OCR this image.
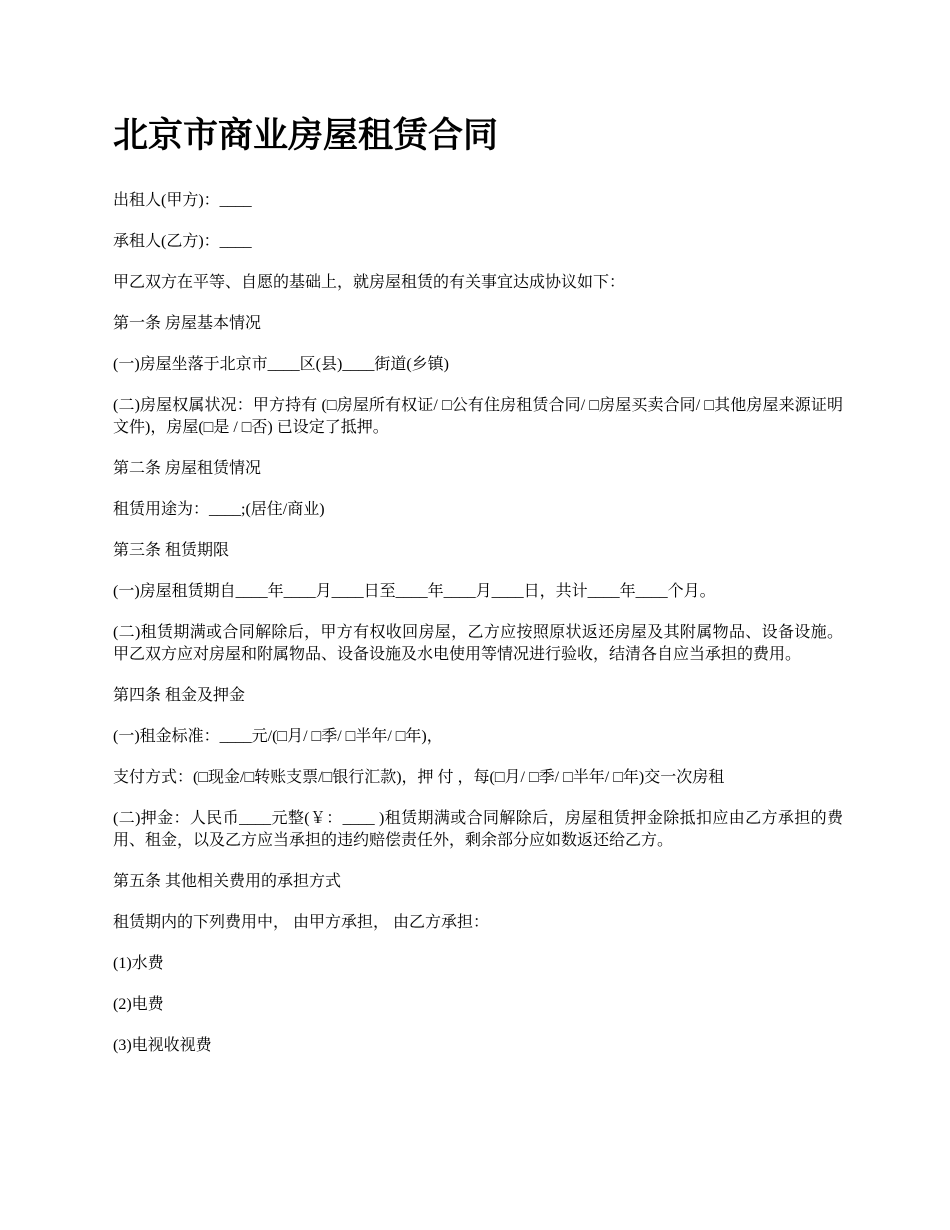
北京市商业房屋租赁合同

出租人(甲方)：____

承租人(乙方)：____

甲乙双方在平等、自愿的基础上，就房屋租赁的有关事宜达成协议如下：

第一条 房屋基本情况

(一)房屋坐落于北京市____区(县)____街道(乡镇)

(二)房屋权属状况：甲方持有 (□房屋所有权证/ □公有住房租赁合同/ □房屋买卖合同/ □其他房屋来源证明文件)，房屋(□是 / □否) 已设定了抵押。

第二条 房屋租赁情况

租赁用途为：____;(居住/商业)

第三条 租赁期限

(一)房屋租赁期自____年____月____日至____年____月____日，共计____年____个月。

(二)租赁期满或合同解除后，甲方有权收回房屋，乙方应按照原状返还房屋及其附属物品、设备设施。甲乙双方应对房屋和附属物品、设备设施及水电使用等情况进行验收，结清各自应当承担的费用。

第四条 租金及押金

(一)租金标准：____元/(□月/ □季/ □半年/ □年)，

支付方式：(□现金/□转账支票/□银行汇款)，押 付 ，每(□月/ □季/ □半年/ □年)交一次房租

(二)押金：人民币____元整(￥：____ )租赁期满或合同解除后，房屋租赁押金除抵扣应由乙方承担的费用、租金，以及乙方应当承担的违约赔偿责任外，剩余部分应如数返还给乙方。

第五条 其他相关费用的承担方式

租赁期内的下列费用中， 由甲方承担， 由乙方承担：

(1)水费

(2)电费

(3)电视收视费
